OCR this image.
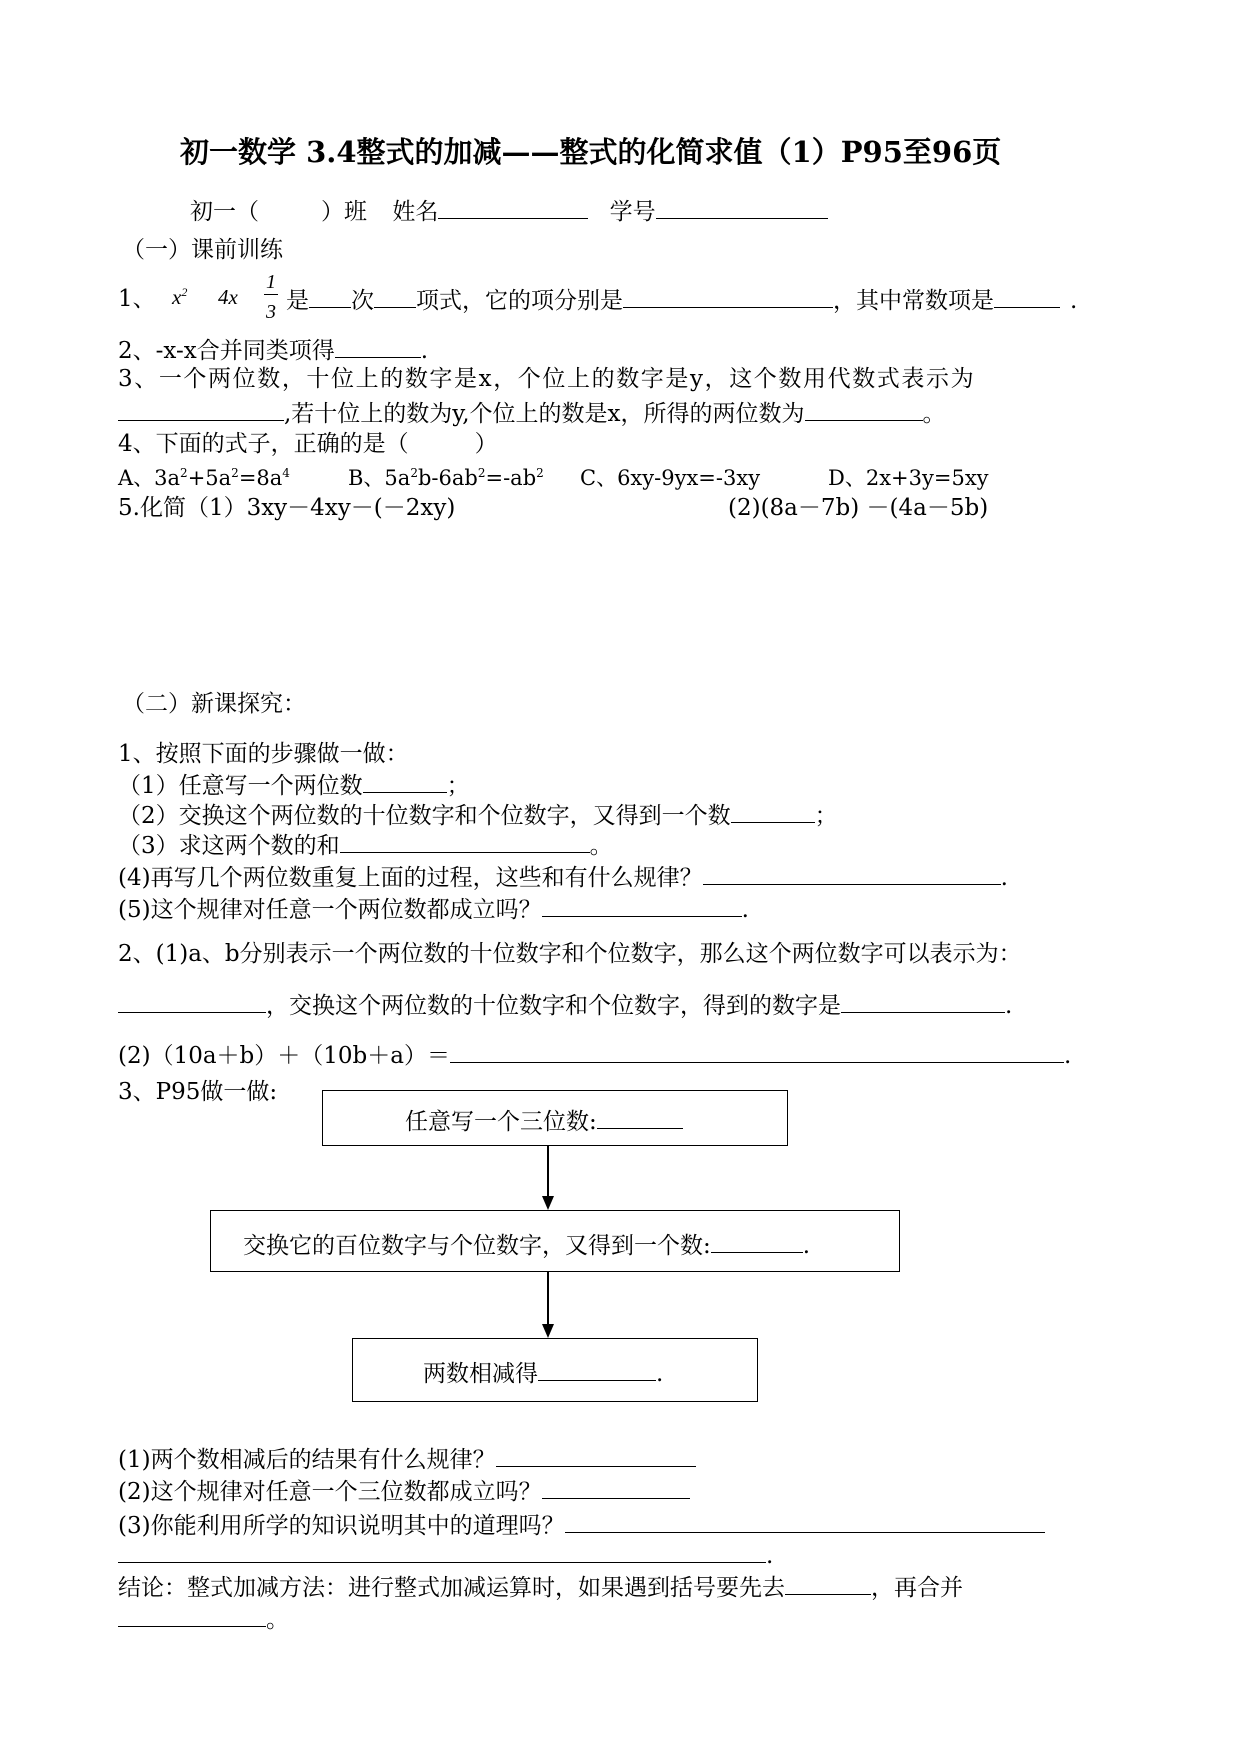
初一数学 3.4整式的加减——整式的化简求值（1）P95至96页
初一（	）班 姓名	学号
（一）课前训练
1、 $x^2$ 4x
1
3 是 次 项式，它的项分别是	，其中常数项是	.
2、-x-x合并同类项得	.
3、一个两位数，十位上的数字是x，个位上的数字是y，这个数用代数式表示为
,若十位上的数为y,个位上的数是x，所得的两位数为	。
4、下面的式子，正确的是（	）
A、$3a^2+5a^2=8a^4$	B、$5a^2b-6ab^2=-ab^2$ C、6xy-9yx=-3xy	D、2x+3y=5xy
5.化简（1）3xy－4xy－(－2xy)	(2)(8a－7b) －(4a－5b)
（二）新课探究：
1、按照下面的步骤做一做：
（1）任意写一个两位数	；
（2）交换这个两位数的十位数字和个位数字，又得到一个数	；
（3）求这两个数的和	。
(4)再写几个两位数重复上面的过程，这些和有什么规律？	.
(5)这个规律对任意一个两位数都成立吗？	.
2、(1)a、b分别表示一个两位数的十位数字和个位数字，那么这个两位数字可以表示为：
，交换这个两位数的十位数字和个位数字，得到的数字是	.
(2)（10a＋b）＋（10b＋a）＝	.
3、P95做一做:
任意写一个三位数:
交换它的百位数字与个位数字，又得到一个数:	.
两数相减得	.
(1)两个数相减后的结果有什么规律？
(2)这个规律对任意一个三位数都成立吗？
(3)你能利用所学的知识说明其中的道理吗？
.
结论：整式加减方法：进行整式加减运算时，如果遇到括号要先去	，再合并
。
